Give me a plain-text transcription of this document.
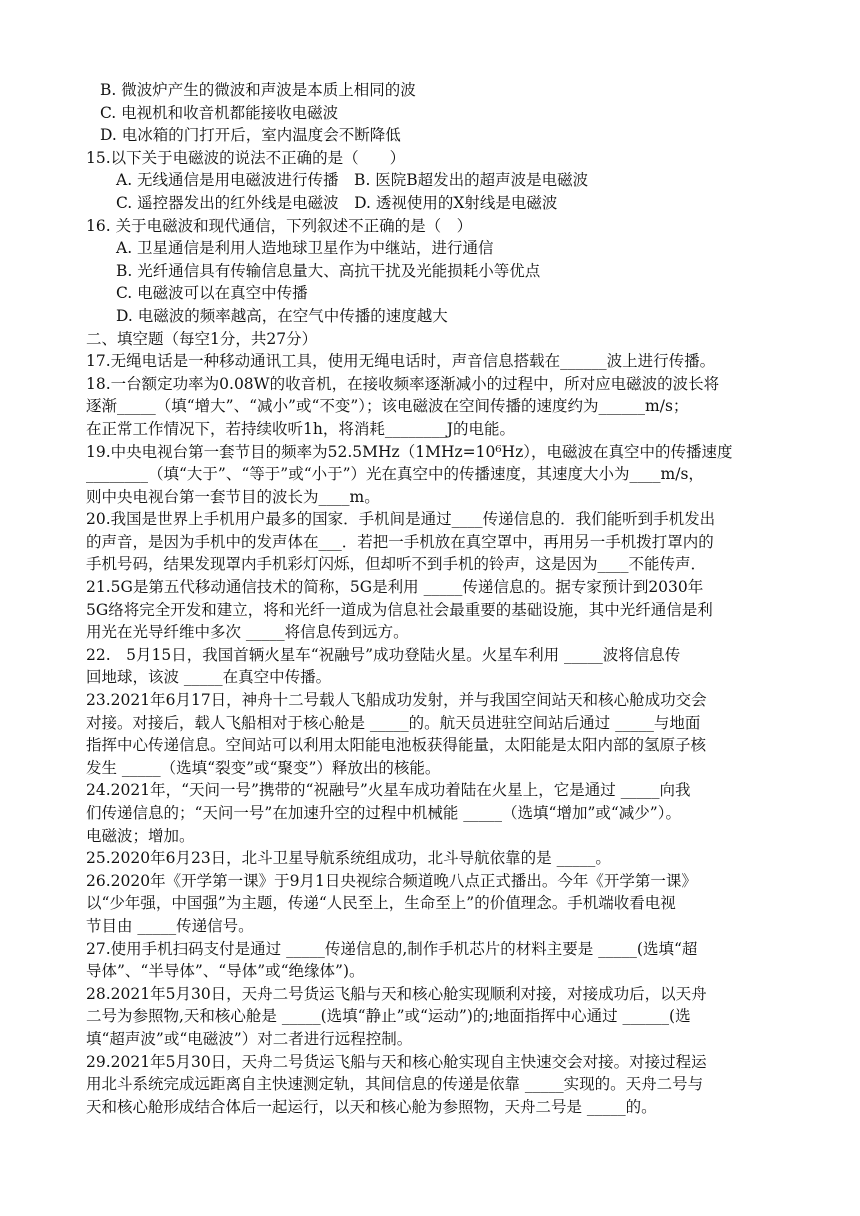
B. 微波炉产生的微波和声波是本质上相同的波
C. 电视机和收音机都能接收电磁波
D. 电冰箱的门打开后，室内温度会不断降低
15.以下关于电磁波的说法不正确的是（　　）
A. 无线通信是用电磁波进行传播　B. 医院B超发出的超声波是电磁波
C. 遥控器发出的红外线是电磁波　D. 透视使用的X射线是电磁波
16. 关于电磁波和现代通信，下列叙述不正确的是（　）
A. 卫星通信是利用人造地球卫星作为中继站，进行通信
B. 光纤通信具有传输信息量大、高抗干扰及光能损耗小等优点
C. 电磁波可以在真空中传播
D. 电磁波的频率越高，在空气中传播的速度越大
二、填空题（每空1分，共27分）
17.无绳电话是一种移动通讯工具，使用无绳电话时，声音信息搭载在______波上进行传播。
18.一台额定功率为0.08W的收音机，在接收频率逐渐减小的过程中，所对应电磁波的波长将
逐渐_____（填“增大”、“减小”或“不变”）；该电磁波在空间传播的速度约为______m/s；
在正常工作情况下，若持续收听1h，将消耗________J的电能。
19.中央电视台第一套节目的频率为52.5MHz（1MHz=10⁶Hz），电磁波在真空中的传播速度
________（填“大于”、“等于”或“小于”）光在真空中的传播速度，其速度大小为____m/s，
则中央电视台第一套节目的波长为____m。
20.我国是世界上手机用户最多的国家．手机间是通过____传递信息的．我们能听到手机发出
的声音，是因为手机中的发声体在___．若把一手机放在真空罩中，再用另一手机拨打罩内的
手机号码，结果发现罩内手机彩灯闪烁，但却听不到手机的铃声，这是因为____不能传声．
21.5G是第五代移动通信技术的简称，5G是利用 _____传递信息的。据专家预计到2030年
5G络将完全开发和建立，将和光纤一道成为信息社会最重要的基础设施，其中光纤通信是利
用光在光导纤维中多次 _____将信息传到远方。
22.　5月15日，我国首辆火星车“祝融号”成功登陆火星。火星车利用 _____波将信息传
回地球，该波 _____在真空中传播。
23.2021年6月17日，神舟十二号载人飞船成功发射，并与我国空间站天和核心舱成功交会
对接。对接后，载人飞船相对于核心舱是 _____的。航天员进驻空间站后通过 _____与地面
指挥中心传递信息。空间站可以利用太阳能电池板获得能量，太阳能是太阳内部的氢原子核
发生 _____（选填“裂变”或“聚变”）释放出的核能。
24.2021年，“天问一号”携带的“祝融号”火星车成功着陆在火星上，它是通过 _____向我
们传递信息的；“天问一号”在加速升空的过程中机械能 _____（选填“增加”或“减少”）。
电磁波；增加。
25.2020年6月23日，北斗卫星导航系统组成功，北斗导航依靠的是 _____。
26.2020年《开学第一课》于9月1日央视综合频道晚八点正式播出。今年《开学第一课》
以“少年强，中国强”为主题，传递“人民至上，生命至上”的价值理念。手机端收看电视
节目由 _____传递信号。
27.使用手机扫码支付是通过 _____传递信息的,制作手机芯片的材料主要是 _____(选填“超
导体”、“半导体”、“导体”或“绝缘体”)。
28.2021年5月30日，天舟二号货运飞船与天和核心舱实现顺利对接，对接成功后，以天舟
二号为参照物,天和核心舱是 _____(选填“静止”或“运动”)的;地面指挥中心通过 ______(选
填“超声波”或“电磁波”）对二者进行远程控制。
29.2021年5月30日，天舟二号货运飞船与天和核心舱实现自主快速交会对接。对接过程运
用北斗系统完成远距离自主快速测定轨，其间信息的传递是依靠 _____实现的。天舟二号与
天和核心舱形成结合体后一起运行，以天和核心舱为参照物，天舟二号是 _____的。
